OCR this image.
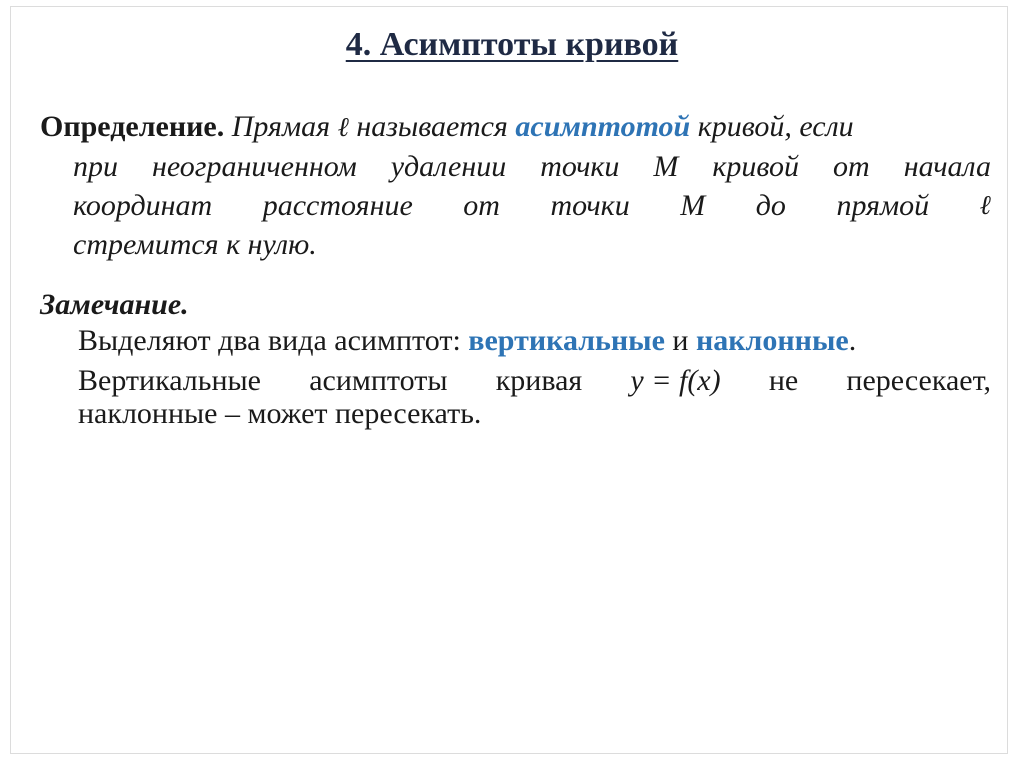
4. Асимптоты кривой
Определение. Прямая ℓ называется асимптотой кривой, если
при неограниченном удалении точки М кривой от начала
координат расстояние от точки М до прямой ℓ
стремится к нулю.
Замечание.
Выделяют два вида асимптот: вертикальные и наклонные.
Вертикальные асимптоты кривая y = f(x) не пересекает,
наклонные – может пересекать.
